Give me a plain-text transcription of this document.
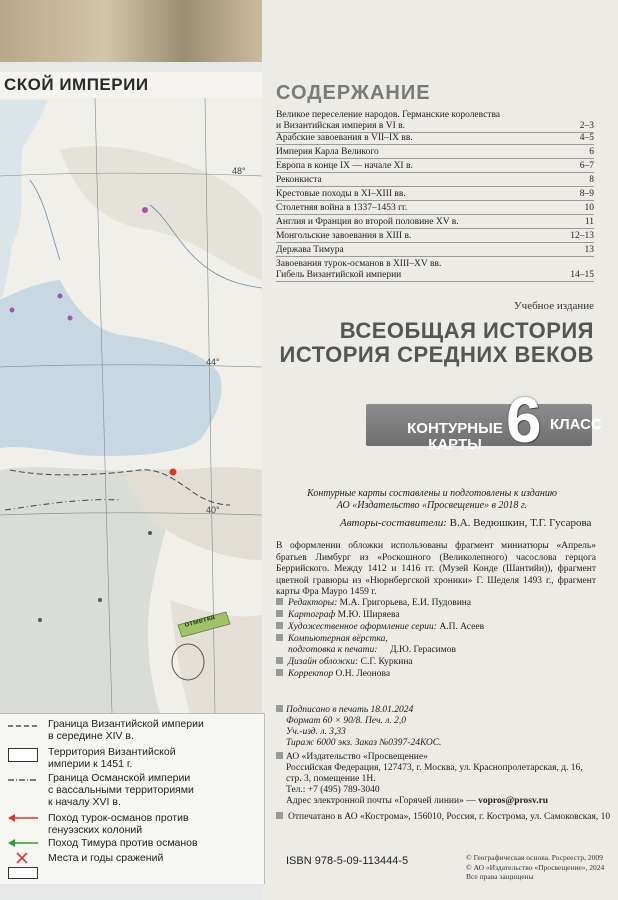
СКОЙ ИМПЕРИИ
48°
44°
40°
отметка
Граница Византийской империи
в середине XIV в.
Территория Византийской
империи к 1451 г.
Граница Османской империи
с вассальными территориями
к началу XVI в.
Поход турок-османов против
генуэзских колоний
Поход Тимура против османов
Места и годы сражений
СОДЕРЖАНИЕ
Великое переселение народов. Германские королевства
и Византийская империя в VI в.	2–3
Арабские завоевания в VII–IX вв.	4–5
Империя Карла Великого	6
Европа в конце IX — начале XI в.	6–7
Реконкиста	8
Крестовые походы в XI–XIII вв.	8–9
Столетняя война в 1337–1453 гг.	10
Англия и Франция во второй половине XV в.	11
Монгольские завоевания в XIII в.	12–13
Держава Тимура	13
Завоевания турок-османов в XIII–XV вв.
Гибель Византийской империи	14–15
Учебное издание
ВСЕОБЩАЯ ИСТОРИЯ
ИСТОРИЯ СРЕДНИХ ВЕКОВ
КОНТУРНЫЕ
КАРТЫ 6 КЛАСС
Контурные карты составлены и подготовлены к изданию
АО «Издательство «Просвещение» в 2018 г.
Авторы-составители: В.А. Ведюшкин, Т.Г. Гусарова
В оформлении обложки использованы фрагмент миниатюры «Апрель» братьев Лимбург из «Роскошного (Великолепного) часослова герцога Беррийского. Между 1412 и 1416 гг. (Музей Конде (Шантийи)), фрагмент цветной гравюры из «Нюрнбергской хроники» Г. Шеделя 1493 г., фрагмент карты Фра Мауро 1459 г.
Редакторы: М.А. Григорьева, Е.И. Пудовина
Картограф М.Ю. Ширяева
Художественное оформление серии: А.П. Асеев
Компьютерная вёрстка,
подготовка к печати: Д.Ю. Герасимов
Дизайн обложки: С.Г. Куркина
Корректор О.Н. Леонова
Подписано в печать 18.01.2024
Формат 60 × 90/8. Печ. л. 2,0
Уч.-изд. л. 3,33
Тираж 6000 экз. Заказ №0397-24КОС.
АО «Издательство «Просвещение»
Российская Федерация, 127473, г. Москва, ул. Краснопролетарская, д. 16,
стр. 3, помещение 1Н.
Тел.: +7 (495) 789-3040
Адрес электронной почты «Горячей линии» — vopros@prosv.ru
Отпечатано в АО «Кострома», 156010, Россия, г. Кострома, ул. Самоковская, 10
ISBN 978-5-09-113444-5	© Географическая основа. Росреестр, 2009
© АО «Издательство «Просвещение», 2024
Все права защищены
